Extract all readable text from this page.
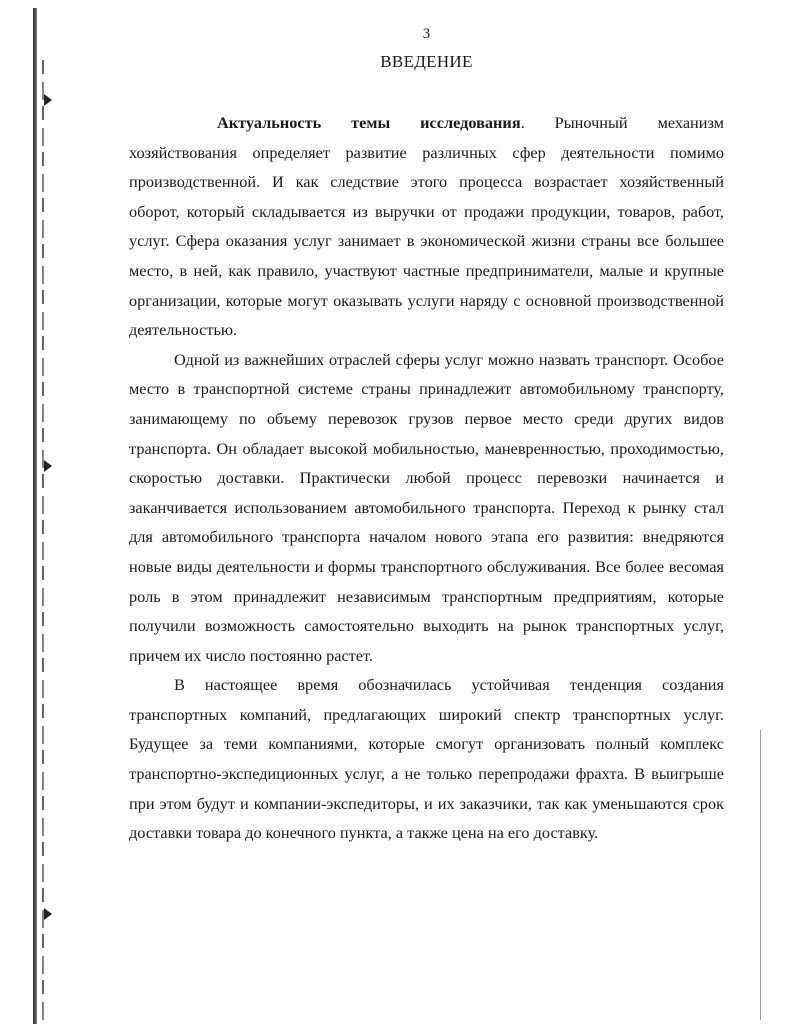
3
ВВЕДЕНИЕ

Актуальность темы исследования. Рыночный механизм хозяйствования определяет развитие различных сфер деятельности помимо производственной. И как следствие этого процесса возрастает хозяйственный оборот, который складывается из выручки от продажи продукции, товаров, работ, услуг. Сфера оказания услуг занимает в экономической жизни страны все большее место, в ней, как правило, участвуют частные предприниматели, малые и крупные организации, которые могут оказывать услуги наряду с основной производственной деятельностью.

Одной из важнейших отраслей сферы услуг можно назвать транспорт. Особое место в транспортной системе страны принадлежит автомобильному транспорту, занимающему по объему перевозок грузов первое место среди других видов транспорта. Он обладает высокой мобильностью, маневренностью, проходимостью, скоростью доставки. Практически любой процесс перевозки начинается и заканчивается использованием автомобильного транспорта. Переход к рынку стал для автомобильного транспорта началом нового этапа его развития: внедряются новые виды деятельности и формы транспортного обслуживания. Все более весомая роль в этом принадлежит независимым транспортным предприятиям, которые получили возможность самостоятельно выходить на рынок транспортных услуг, причем их число постоянно растет.

В настоящее время обозначилась устойчивая тенденция создания транспортных компаний, предлагающих широкий спектр транспортных услуг. Будущее за теми компаниями, которые смогут организовать полный комплекс транспортно-экспедиционных услуг, а не только перепродажи фрахта. В выигрыше при этом будут и компании-экспедиторы, и их заказчики, так как уменьшаются срок доставки товара до конечного пункта, а также цена на его доставку.
